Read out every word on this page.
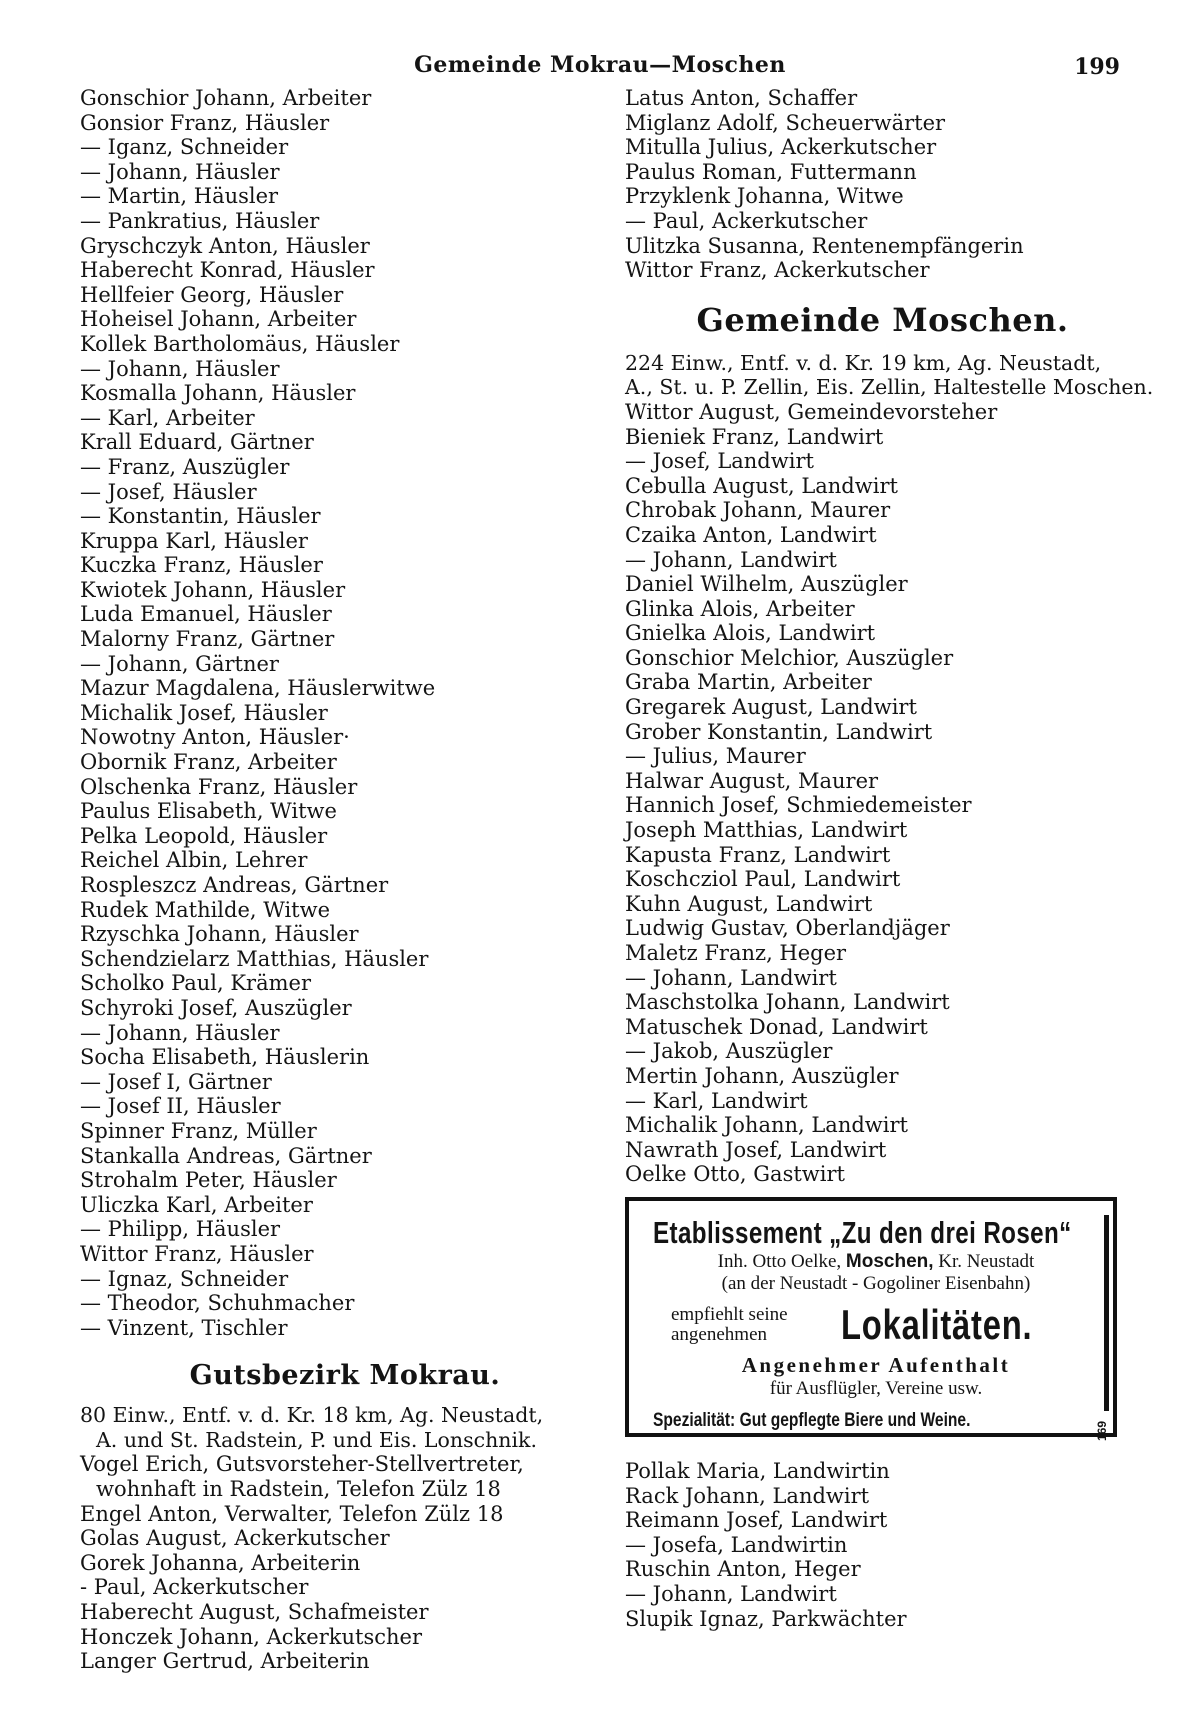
Gemeinde Mokrau—Moschen	199
Gonschior Johann, Arbeiter
Gonsior Franz, Häusler
— Iganz, Schneider
— Johann, Häusler
— Martin, Häusler
— Pankratius, Häusler
Gryschczyk Anton, Häusler
Haberecht Konrad, Häusler
Hellfeier Georg, Häusler
Hoheisel Johann, Arbeiter
Kollek Bartholomäus, Häusler
— Johann, Häusler
Kosmalla Johann, Häusler
— Karl, Arbeiter
Krall Eduard, Gärtner
— Franz, Auszügler
— Josef, Häusler
— Konstantin, Häusler
Kruppa Karl, Häusler
Kuczka Franz, Häusler
Kwiotek Johann, Häusler
Luda Emanuel, Häusler
Malorny Franz, Gärtner
— Johann, Gärtner
Mazur Magdalena, Häuslerwitwe
Michalik Josef, Häusler
Nowotny Anton, Häusler·
Obornik Franz, Arbeiter
Olschenka Franz, Häusler
Paulus Elisabeth, Witwe
Pelka Leopold, Häusler
Reichel Albin, Lehrer
Rospleszcz Andreas, Gärtner
Rudek Mathilde, Witwe
Rzyschka Johann, Häusler
Schendzielarz Matthias, Häusler
Scholko Paul, Krämer
Schyroki Josef, Auszügler
— Johann, Häusler
Socha Elisabeth, Häuslerin
— Josef I, Gärtner
— Josef II, Häusler
Spinner Franz, Müller
Stankalla Andreas, Gärtner
Strohalm Peter, Häusler
Uliczka Karl, Arbeiter
— Philipp, Häusler
Wittor Franz, Häusler
— Ignaz, Schneider
— Theodor, Schuhmacher
— Vinzent, Tischler
Gutsbezirk Mokrau.
80 Einw., Entf. v. d. Kr. 18 km, Ag. Neustadt,
A. und St. Radstein, P. und Eis. Lonschnik.
Vogel Erich, Gutsvorsteher-Stellvertreter,
wohnhaft in Radstein, Telefon Zülz 18
Engel Anton, Verwalter, Telefon Zülz 18
Golas August, Ackerkutscher
Gorek Johanna, Arbeiterin
- Paul, Ackerkutscher
Haberecht August, Schafmeister
Honczek Johann, Ackerkutscher
Langer Gertrud, Arbeiterin
Latus Anton, Schaffer
Miglanz Adolf, Scheuerwärter
Mitulla Julius, Ackerkutscher
Paulus Roman, Futtermann
Przyklenk Johanna, Witwe
— Paul, Ackerkutscher
Ulitzka Susanna, Rentenempfängerin
Wittor Franz, Ackerkutscher
Gemeinde Moschen.
224 Einw., Entf. v. d. Kr. 19 km, Ag. Neustadt,
A., St. u. P. Zellin, Eis. Zellin, Haltestelle Moschen.
Wittor August, Gemeindevorsteher
Bieniek Franz, Landwirt
— Josef, Landwirt
Cebulla August, Landwirt
Chrobak Johann, Maurer
Czaika Anton, Landwirt
— Johann, Landwirt
Daniel Wilhelm, Auszügler
Glinka Alois, Arbeiter
Gnielka Alois, Landwirt
Gonschior Melchior, Auszügler
Graba Martin, Arbeiter
Gregarek August, Landwirt
Grober Konstantin, Landwirt
— Julius, Maurer
Halwar August, Maurer
Hannich Josef, Schmiedemeister
Joseph Matthias, Landwirt
Kapusta Franz, Landwirt
Koschcziol Paul, Landwirt
Kuhn August, Landwirt
Ludwig Gustav, Oberlandjäger
Maletz Franz, Heger
— Johann, Landwirt
Maschstolka Johann, Landwirt
Matuschek Donad, Landwirt
— Jakob, Auszügler
Mertin Johann, Auszügler
— Karl, Landwirt
Michalik Johann, Landwirt
Nawrath Josef, Landwirt
Oelke Otto, Gastwirt
Etablissement „Zu den drei Rosen“
Inh. Otto Oelke, Moschen, Kr. Neustadt
(an der Neustadt - Gogoliner Eisenbahn)
empfiehlt seine
angenehmen	Lokalitäten.
Angenehmer Aufenthalt
für Ausflügler, Vereine usw.
Spezialität: Gut gepflegte Biere und Weine.
169
Pollak Maria, Landwirtin
Rack Johann, Landwirt
Reimann Josef, Landwirt
— Josefa, Landwirtin
Ruschin Anton, Heger
— Johann, Landwirt
Slupik Ignaz, Parkwächter
